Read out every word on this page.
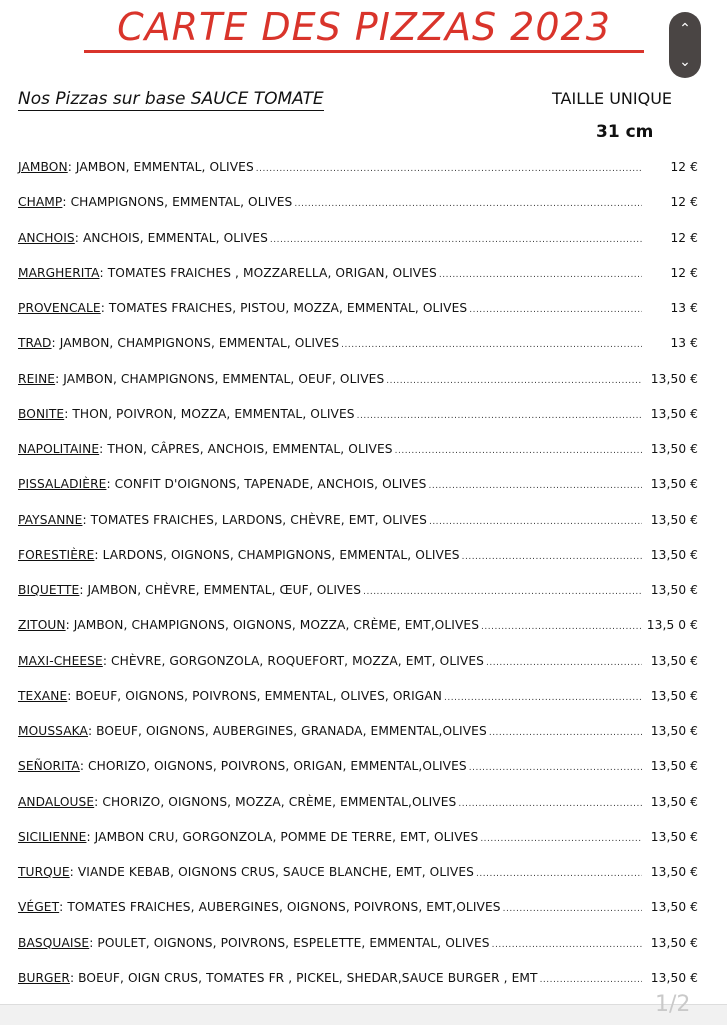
CARTE DES PIZZAS 2023
Nos Pizzas sur base SAUCE TOMATE	TAILLE UNIQUE
31 cm
JAMBON : JAMBON, EMMENTAL, OLIVES .....	12 €
CHAMP : CHAMPIGNONS, EMMENTAL, OLIVES .....	12 €
ANCHOIS : ANCHOIS, EMMENTAL, OLIVES .....	12 €
MARGHERITA : TOMATES FRAICHES , MOZZARELLA, ORIGAN, OLIVES .....	12 €
PROVENCALE : TOMATES FRAICHES, PISTOU, MOZZA, EMMENTAL, OLIVES .....	13 €
TRAD : JAMBON, CHAMPIGNONS, EMMENTAL, OLIVES .....	13 €
REINE : JAMBON, CHAMPIGNONS, EMMENTAL, OEUF, OLIVES .....	13,50 €
BONITE : THON, POIVRON, MOZZA, EMMENTAL, OLIVES .....	13,50 €
NAPOLITAINE : THON, CÂPRES, ANCHOIS, EMMENTAL, OLIVES .....	13,50 €
PISSALADIÈRE : CONFIT D'OIGNONS, TAPENADE, ANCHOIS, OLIVES .....	13,50 €
PAYSANNE : TOMATES FRAICHES, LARDONS, CHÈVRE, EMT, OLIVES .....	13,50 €
FORESTIÈRE : LARDONS, OIGNONS, CHAMPIGNONS, EMMENTAL, OLIVES .....	13,50 €
BIQUETTE : JAMBON, CHÈVRE, EMMENTAL, ŒUF, OLIVES .....	13,50 €
ZITOUN : JAMBON, CHAMPIGNONS, OIGNONS, MOZZA, CRÈME, EMT,OLIVES .....	13,5 0 €
MAXI-CHEESE : CHÈVRE, GORGONZOLA, ROQUEFORT, MOZZA, EMT, OLIVES .....	13,50 €
TEXANE : BOEUF, OIGNONS, POIVRONS, EMMENTAL, OLIVES, ORIGAN .....	13,50 €
MOUSSAKA : BOEUF, OIGNONS, AUBERGINES, GRANADA, EMMENTAL,OLIVES .....	13,50 €
SEÑORITA : CHORIZO, OIGNONS, POIVRONS, ORIGAN, EMMENTAL,OLIVES .....	13,50 €
ANDALOUSE : CHORIZO, OIGNONS, MOZZA, CRÈME, EMMENTAL,OLIVES .....	13,50 €
SICILIENNE : JAMBON CRU, GORGONZOLA, POMME DE TERRE, EMT, OLIVES .....	13,50 €
TURQUE : VIANDE KEBAB, OIGNONS CRUS, SAUCE BLANCHE, EMT, OLIVES .....	13,50 €
VÉGET : TOMATES FRAICHES, AUBERGINES, OIGNONS, POIVRONS, EMT,OLIVES .....	13,50 €
BASQUAISE : POULET, OIGNONS, POIVRONS, ESPELETTE, EMMENTAL, OLIVES .....	13,50 €
BURGER : BOEUF, OIGN CRUS, TOMATES FR , PICKEL, SHEDAR,SAUCE BURGER , EMT .....	13,50 €
⌃
⌄
1/2
